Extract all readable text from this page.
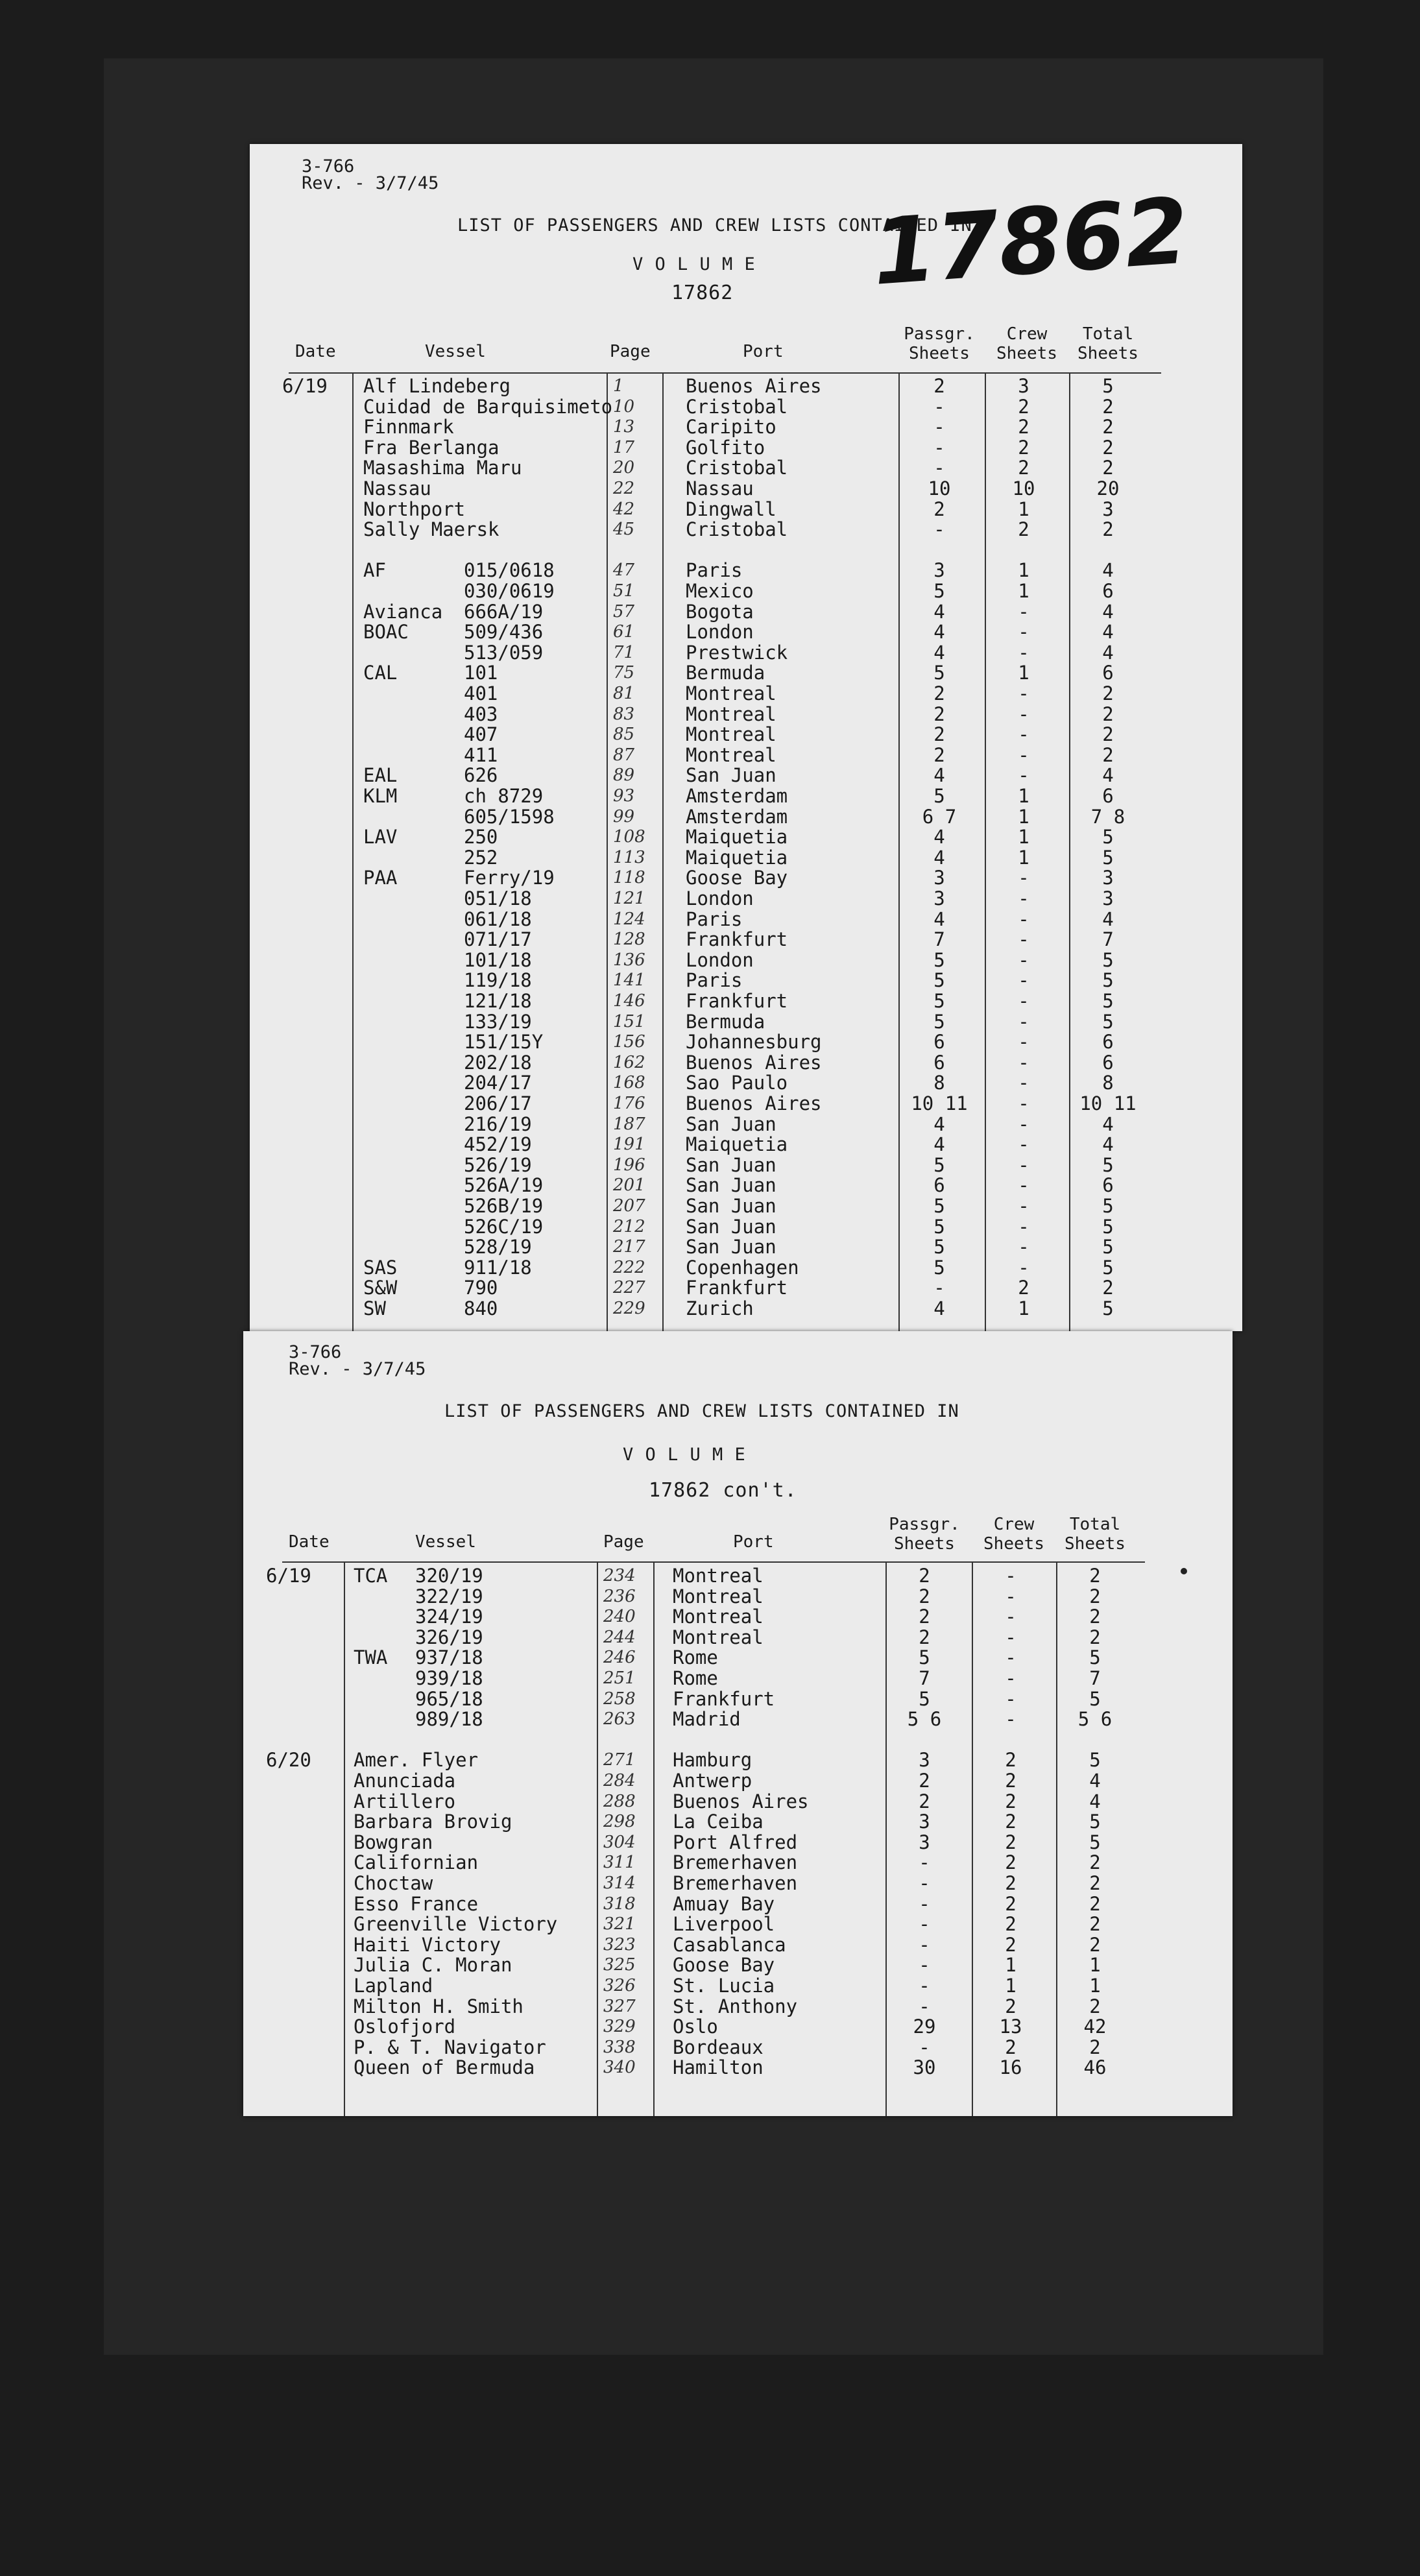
3-766
Rev. - 3/7/45
LIST OF PASSENGERS AND CREW LISTS CONTAINED IN
V O L U M E
17862 17862
Date	Vessel	Page	Port
Passgr.
Sheets
Crew
Sheets
Total
Sheets
6/19 Alf Lindeberg	1	Buenos Aires	2	3	5
Cuidad de Barquisimeto 10	Cristobal	-	2	2
Finnmark	13	Caripito	-	2	2
Fra Berlanga	17	Golfito	-	2	2
Masashima Maru	20	Cristobal	-	2	2
Nassau	22	Nassau	10	10	20
Northport	42	Dingwall	2	1	3
Sally Maersk	45	Cristobal	-	2	2
AF	015/0618	47	Paris	3	1	4
030/0619	51	Mexico	5	1	6
Avianca 666A/19	57	Bogota	4	-	4
BOAC	509/436	61	London	4	-	4
513/059	71	Prestwick	4	-	4
CAL	101	75	Bermuda	5	1	6
401	81	Montreal	2	-	2
403	83	Montreal	2	-	2
407	85	Montreal	2	-	2
411	87	Montreal	2	-	2
EAL	626	89	San Juan	4	-	4
KLM	ch 8729	93	Amsterdam	5	1	6
605/1598	99	Amsterdam	6 7	1	7 8
LAV	250	108	Maiquetia	4	1	5
252	113	Maiquetia	4	1	5
PAA	Ferry/19	118	Goose Bay	3	-	3
051/18	121	London	3	-	3
061/18	124	Paris	4	-	4
071/17	128	Frankfurt	7	-	7
101/18	136	London	5	-	5
119/18	141	Paris	5	-	5
121/18	146	Frankfurt	5	-	5
133/19	151	Bermuda	5	-	5
151/15Y	156	Johannesburg	6	-	6
202/18	162	Buenos Aires	6	-	6
204/17	168	Sao Paulo	8	-	8
206/17	176	Buenos Aires	10 11	-	10 11
216/19	187	San Juan	4	-	4
452/19	191	Maiquetia	4	-	4
526/19	196	San Juan	5	-	5
526A/19	201	San Juan	6	-	6
526B/19	207	San Juan	5	-	5
526C/19	212	San Juan	5	-	5
528/19	217	San Juan	5	-	5
SAS	911/18	222	Copenhagen	5	-	5
S&W	790	227	Frankfurt	-	2	2
SW	840	229	Zurich	4	1	5
3-766
Rev. - 3/7/45
LIST OF PASSENGERS AND CREW LISTS CONTAINED IN
V O L U M E
17862 con't.
Date	Vessel	Page	Port
Passgr.
Sheets
Crew
Sheets
Total
Sheets
6/19 TCA 320/19	234	Montreal	2	-	2
322/19	236	Montreal	2	-	2
324/19	240	Montreal	2	-	2
326/19	244	Montreal	2	-	2
TWA 937/18	246	Rome	5	-	5
939/18	251	Rome	7	-	7
965/18	258	Frankfurt	5	-	5
989/18	263	Madrid	5 6	-	5 6
6/20 Amer. Flyer	271	Hamburg	3	2	5
Anunciada	284	Antwerp	2	2	4
Artillero	288	Buenos Aires	2	2	4
Barbara Brovig	298	La Ceiba	3	2	5
Bowgran	304	Port Alfred	3	2	5
Californian	311	Bremerhaven	-	2	2
Choctaw	314	Bremerhaven	-	2	2
Esso France	318	Amuay Bay	-	2	2
Greenville Victory	321	Liverpool	-	2	2
Haiti Victory	323	Casablanca	-	2	2
Julia C. Moran	325	Goose Bay	-	1	1
Lapland	326	St. Lucia	-	1	1
Milton H. Smith	327	St. Anthony	-	2	2
Oslofjord	329	Oslo	29	13	42
P. & T. Navigator	338	Bordeaux	-	2	2
Queen of Bermuda	340	Hamilton	30	16	46
